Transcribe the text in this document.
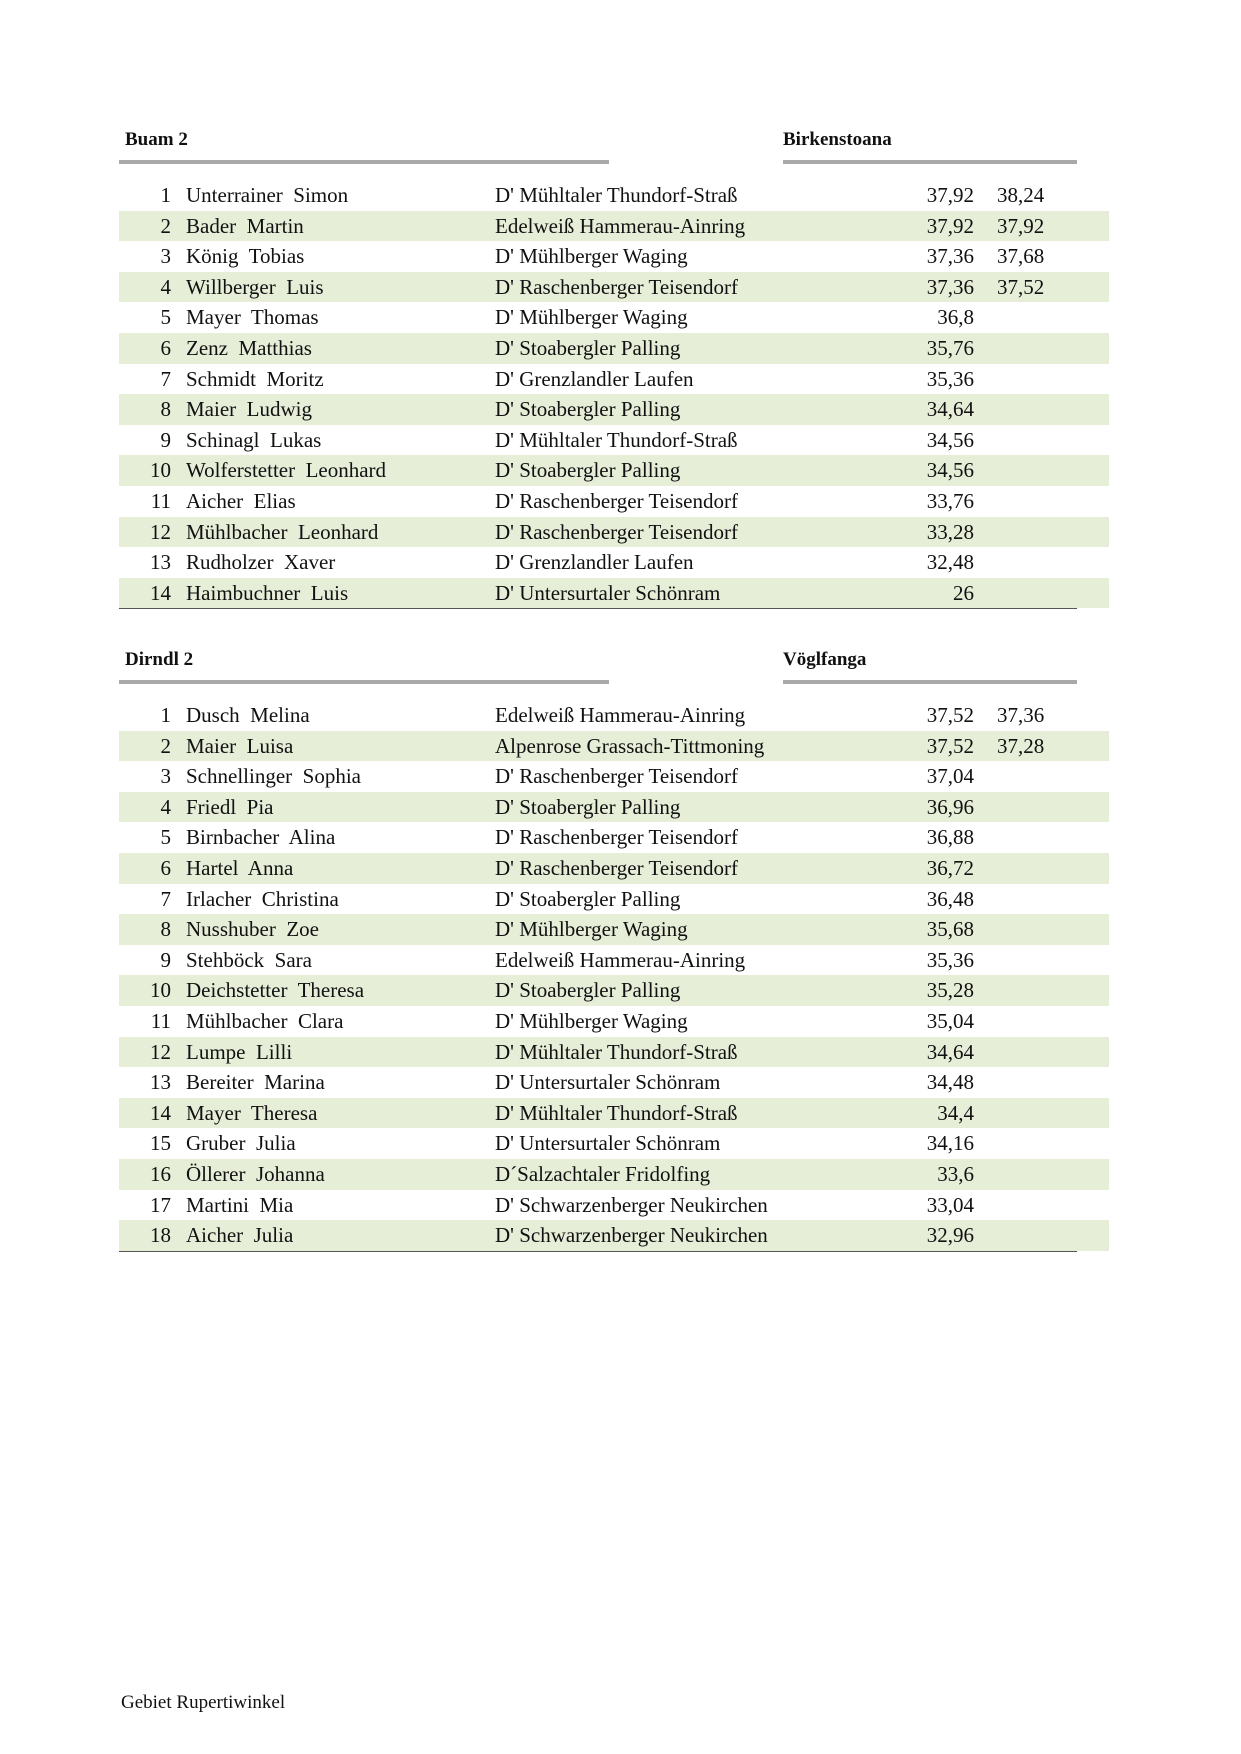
Buam 2	Birkenstoana
1 Unterrainer  Simon	D' Mühltaler Thundorf-Straß	37,92 38,24
2 Bader  Martin	Edelweiß Hammerau-Ainring	37,92 37,92
3 König  Tobias	D' Mühlberger Waging	37,36 37,68
4 Willberger  Luis	D' Raschenberger Teisendorf	37,36 37,52
5 Mayer  Thomas	D' Mühlberger Waging	36,8
6 Zenz  Matthias	D' Stoabergler Palling	35,76
7 Schmidt  Moritz	D' Grenzlandler Laufen	35,36
8 Maier  Ludwig	D' Stoabergler Palling	34,64
9 Schinagl  Lukas	D' Mühltaler Thundorf-Straß	34,56
10 Wolferstetter  Leonhard	D' Stoabergler Palling	34,56
11 Aicher  Elias	D' Raschenberger Teisendorf	33,76
12 Mühlbacher  Leonhard	D' Raschenberger Teisendorf	33,28
13 Rudholzer  Xaver	D' Grenzlandler Laufen	32,48
14 Haimbuchner  Luis	D' Untersurtaler Schönram	26
Dirndl 2	Vöglfanga
1 Dusch  Melina	Edelweiß Hammerau-Ainring	37,52 37,36
2 Maier  Luisa	Alpenrose Grassach-Tittmoning	37,52 37,28
3 Schnellinger  Sophia	D' Raschenberger Teisendorf	37,04
4 Friedl  Pia	D' Stoabergler Palling	36,96
5 Birnbacher  Alina	D' Raschenberger Teisendorf	36,88
6 Hartel  Anna	D' Raschenberger Teisendorf	36,72
7 Irlacher  Christina	D' Stoabergler Palling	36,48
8 Nusshuber  Zoe	D' Mühlberger Waging	35,68
9 Stehböck  Sara	Edelweiß Hammerau-Ainring	35,36
10 Deichstetter  Theresa	D' Stoabergler Palling	35,28
11 Mühlbacher  Clara	D' Mühlberger Waging	35,04
12 Lumpe  Lilli	D' Mühltaler Thundorf-Straß	34,64
13 Bereiter  Marina	D' Untersurtaler Schönram	34,48
14 Mayer  Theresa	D' Mühltaler Thundorf-Straß	34,4
15 Gruber  Julia	D' Untersurtaler Schönram	34,16
16 Öllerer  Johanna	D´Salzachtaler Fridolfing	33,6
17 Martini  Mia	D' Schwarzenberger Neukirchen	33,04
18 Aicher  Julia	D' Schwarzenberger Neukirchen	32,96
Gebiet Rupertiwinkel
